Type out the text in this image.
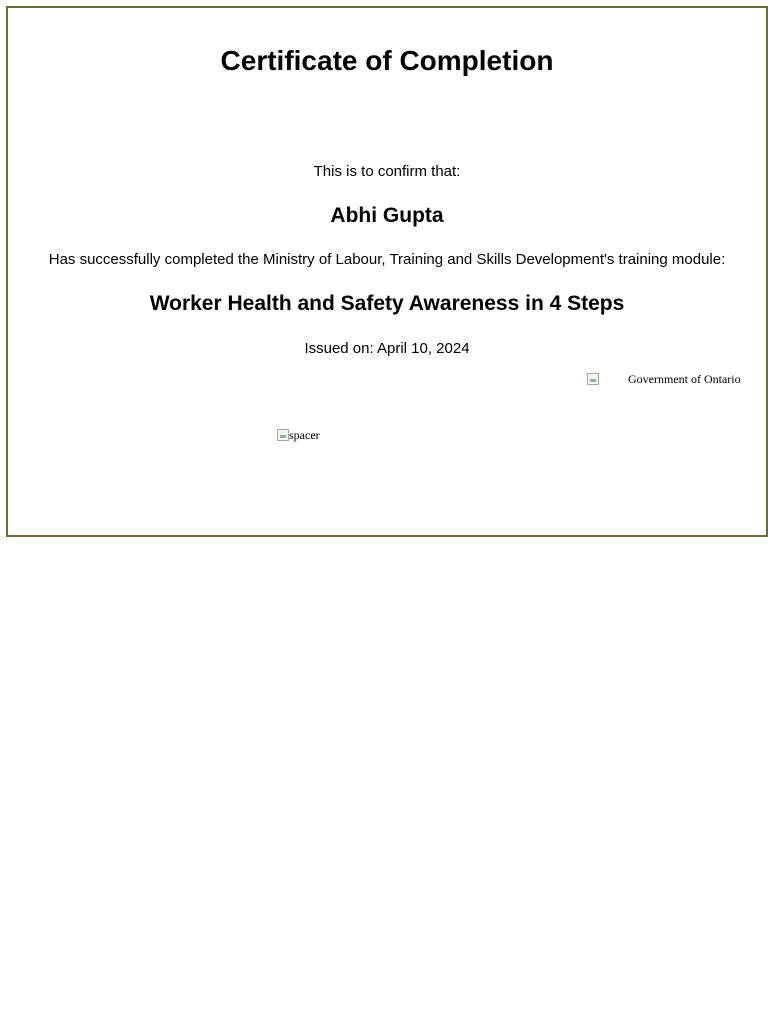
Certificate of Completion
This is to confirm that:
Abhi Gupta
Has successfully completed the Ministry of Labour, Training and Skills Development's training module:
Worker Health and Safety Awareness in 4 Steps
Issued on: April 10, 2024
Government of Ontario
spacer
